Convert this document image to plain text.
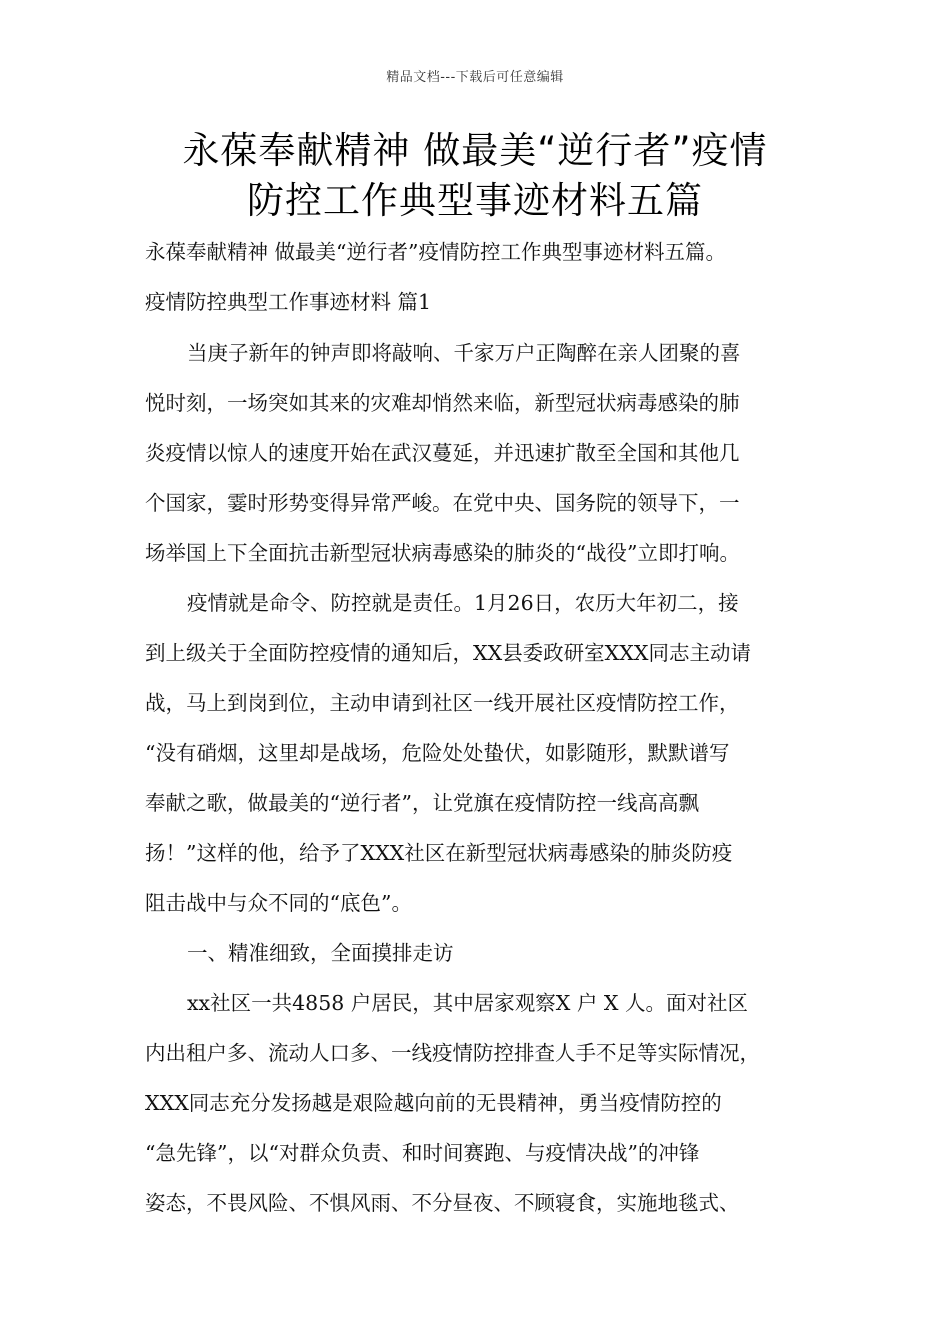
精品文档---下载后可任意编辑
永葆奉献精神 做最美“逆行者”疫情
防控工作典型事迹材料五篇
永葆奉献精神 做最美“逆行者”疫情防控工作典型事迹材料五篇。
疫情防控典型工作事迹材料 篇1
当庚子新年的钟声即将敲响、千家万户正陶醉在亲人团聚的喜
悦时刻，一场突如其来的灾难却悄然来临，新型冠状病毒感染的肺
炎疫情以惊人的速度开始在武汉蔓延，并迅速扩散至全国和其他几
个国家，霎时形势变得异常严峻。在党中央、国务院的领导下，一
场举国上下全面抗击新型冠状病毒感染的肺炎的“战役”立即打响。
疫情就是命令、防控就是责任。1月26日，农历大年初二，接
到上级关于全面防控疫情的通知后，XX县委政研室XXX同志主动请
战，马上到岗到位，主动申请到社区一线开展社区疫情防控工作，
“没有硝烟，这里却是战场，危险处处蛰伏，如影随形，默默谱写
奉献之歌，做最美的“逆行者”，让党旗在疫情防控一线高高飘
扬！”这样的他，给予了XXX社区在新型冠状病毒感染的肺炎防疫
阻击战中与众不同的“底色”。
一、精准细致，全面摸排走访
xx社区一共4858 户居民，其中居家观察X 户 X 人。面对社区
内出租户多、流动人口多、一线疫情防控排查人手不足等实际情况，
XXX同志充分发扬越是艰险越向前的无畏精神，勇当疫情防控的
“急先锋”，以“对群众负责、和时间赛跑、与疫情决战”的冲锋
姿态，不畏风险、不惧风雨、不分昼夜、不顾寝食，实施地毯式、
